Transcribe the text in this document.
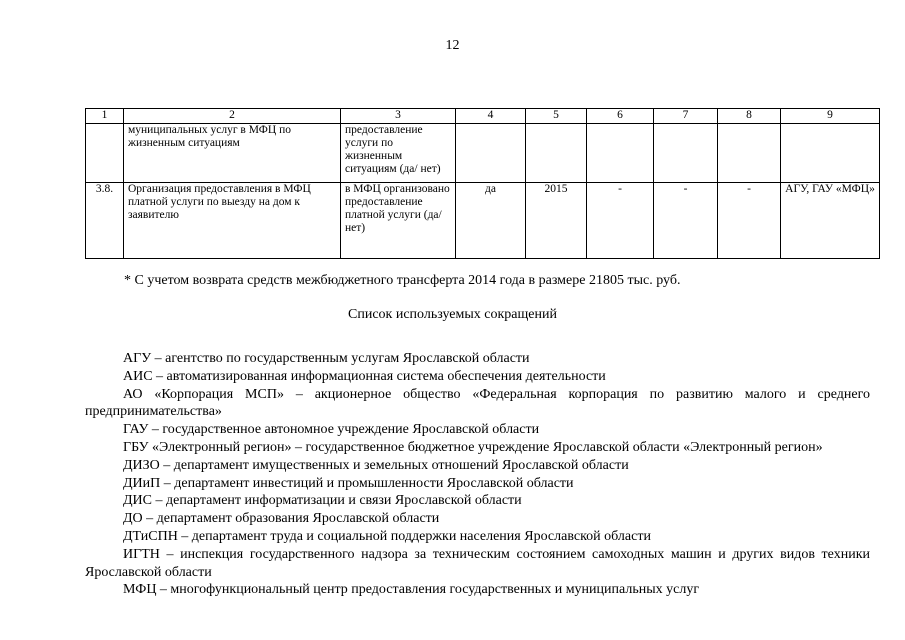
12
1	2	3	4	5	6	7	8	9
	муниципальных услуг в МФЦ по жизненным ситуациям	предоставление услуги по жизненным ситуациям (да/ нет)						
3.8.	Организация предоставления в МФЦ платной услуги по выезду на дом к заявителю	в МФЦ организовано предоставление платной услуги (да/ нет)	да	2015	-	-	-	АГУ, ГАУ «МФЦ»
* С учетом возврата средств межбюджетного трансферта 2014 года в размере 21805 тыс. руб.
Список используемых сокращений

АГУ – агентство по государственным услугам Ярославской области

АИС – автоматизированная информационная система обеспечения деятельности

АО «Корпорация МСП» – акционерное общество «Федеральная корпорация по развитию малого и среднего предпринимательства»

ГАУ – государственное автономное учреждение Ярославской области

ГБУ «Электронный регион» – государственное бюджетное учреждение Ярославской области «Электронный регион»

ДИЗО – департамент имущественных и земельных отношений Ярославской области

ДИиП – департамент инвестиций и промышленности Ярославской области

ДИС – департамент информатизации и связи Ярославской области

ДО – департамент образования Ярославской области

ДТиСПН – департамент труда и социальной поддержки населения Ярославской области

ИГТН – инспекция государственного надзора за техническим состоянием самоходных машин и других видов техники Ярославской области

МФЦ – многофункциональный центр предоставления государственных и муниципальных услуг
